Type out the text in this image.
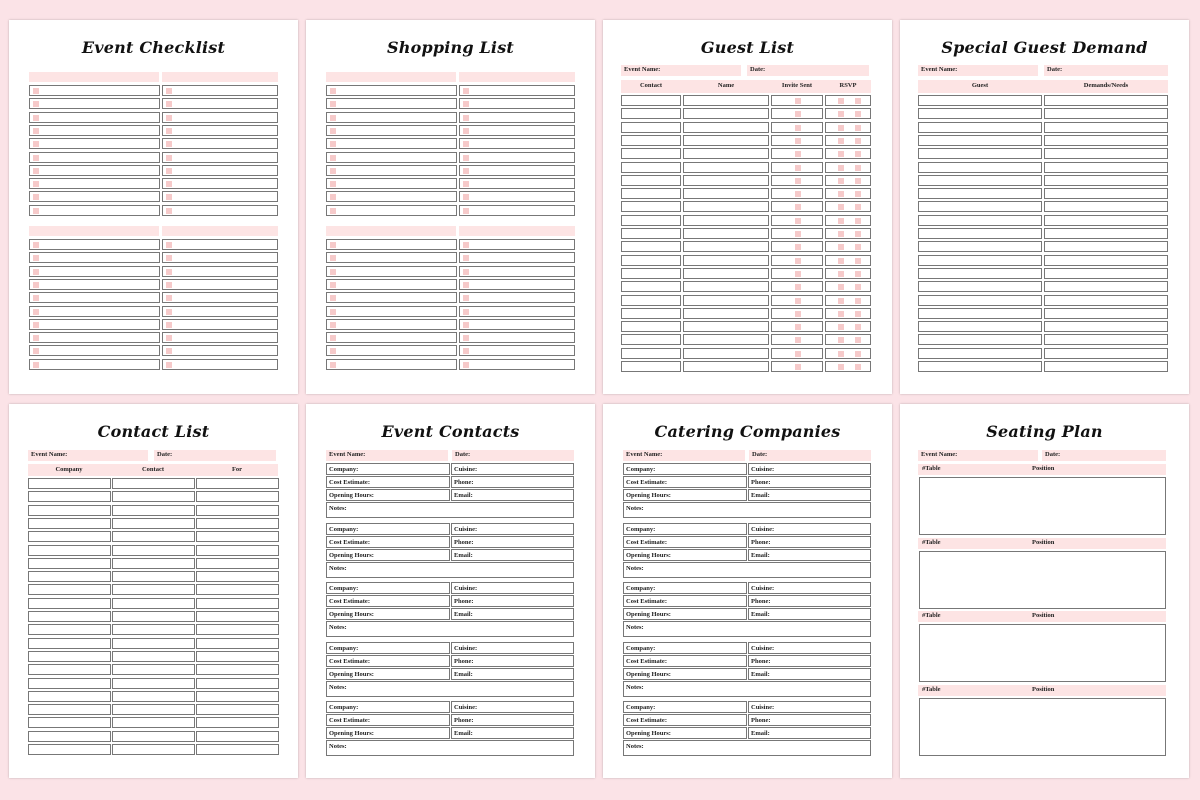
Event Checklist	Shopping List	Guest List
Event Name:	Date:
Contact	Name	Invite Sent	RSVP
Special Guest Demand
Event Name:	Date:
Guest	Demands/Needs
Contact List
Event Name:	Date:
Company	Contact	For
Event Contacts
Event Name:	Date:
Company:	Cuisine:
Cost Estimate:	Phone:
Opening Hours:	Email:
Notes:
Company:	Cuisine:
Cost Estimate:	Phone:
Opening Hours:	Email:
Notes:
Company:	Cuisine:
Cost Estimate:	Phone:
Opening Hours:	Email:
Notes:
Company:	Cuisine:
Cost Estimate:	Phone:
Opening Hours:	Email:
Notes:
Company:	Cuisine:
Cost Estimate:	Phone:
Opening Hours:	Email:
Notes:
Catering Companies
Event Name:	Date:
Company:	Cuisine:
Cost Estimate:	Phone:
Opening Hours:	Email:
Notes:
Company:	Cuisine:
Cost Estimate:	Phone:
Opening Hours:	Email:
Notes:
Company:	Cuisine:
Cost Estimate:	Phone:
Opening Hours:	Email:
Notes:
Company:	Cuisine:
Cost Estimate:	Phone:
Opening Hours:	Email:
Notes:
Company:	Cuisine:
Cost Estimate:	Phone:
Opening Hours:	Email:
Notes:
Seating Plan
Event Name:	Date:
#Table	Position
#Table	Position
#Table	Position
#Table	Position
